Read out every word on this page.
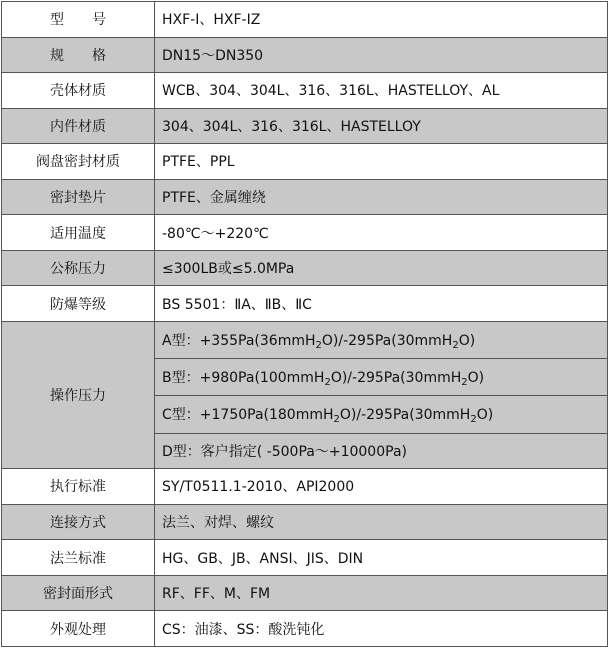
型　　号	HXF-I、HXF-IZ
规　　格	DN15～DN350
壳体材质	WCB、304、304L、316、316L、HASTELLOY、AL
内件材质	304、304L、316、316L、HASTELLOY
阀盘密封材质	PTFE、PPL
密封垫片	PTFE、金属缠绕
适用温度	-80℃～+220℃
公称压力	≤300LB或≤5.0MPa
防爆等级	BS 5501：ⅡA、ⅡB、ⅡC
操作压力	A型：+355Pa(36mmH$_2$O)/-295Pa(30mmH$_2$O)
	B型：+980Pa(100mmH$_2$O)/-295Pa(30mmH$_2$O)
	C型：+1750Pa(180mmH$_2$O)/-295Pa(30mmH$_2$O)
	D型：客户指定( -500Pa～+10000Pa)
执行标准	SY/T0511.1-2010、API2000
连接方式	法兰、对焊、螺纹
法兰标准	HG、GB、JB、ANSI、JIS、DIN
密封面形式	RF、FF、M、FM
外观处理	CS：油漆、SS：酸洗钝化
